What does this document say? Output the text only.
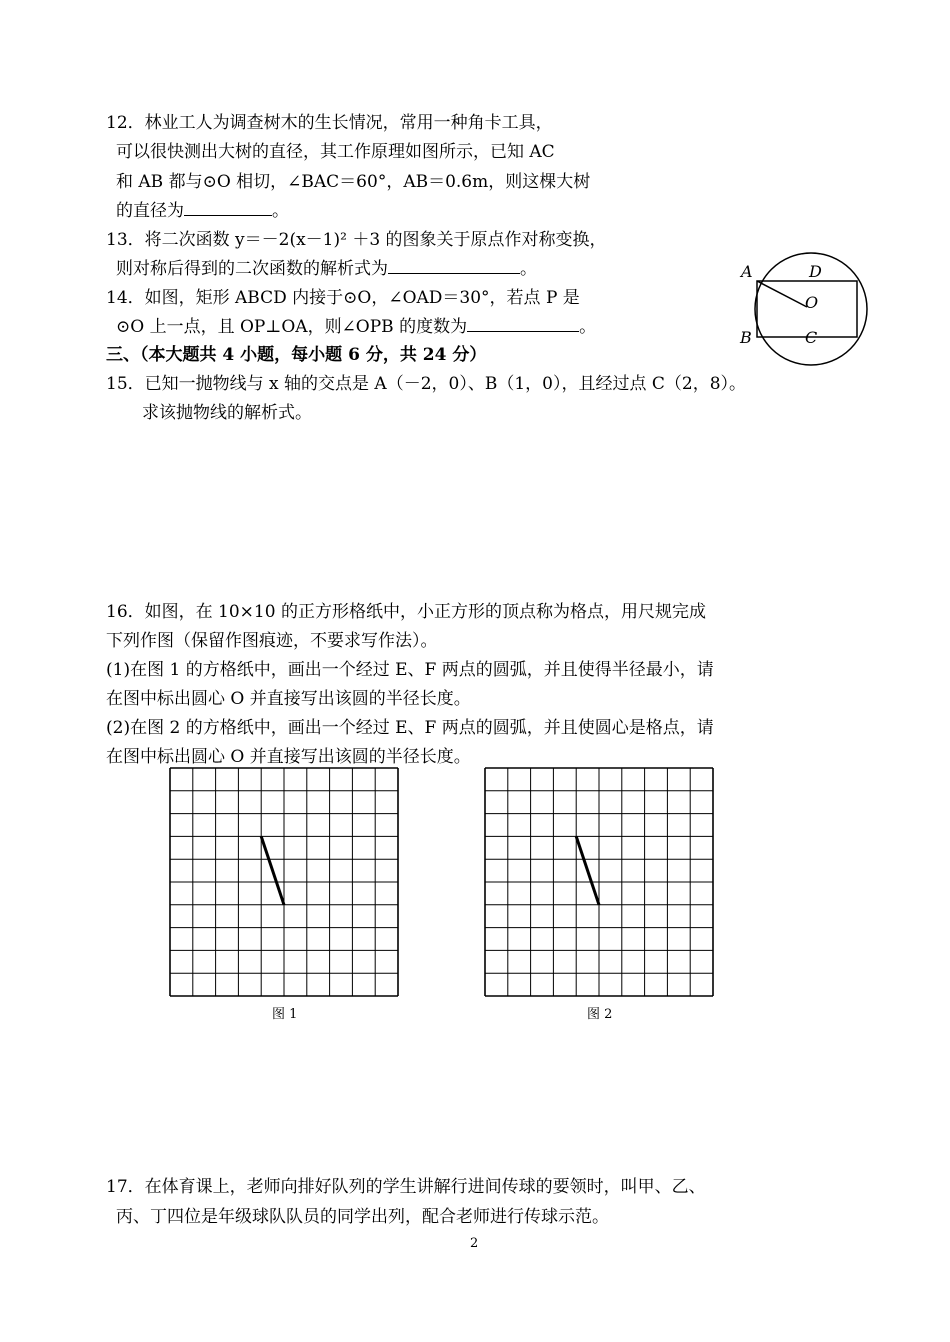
12．林业工人为调查树木的生长情况，常用一种角卡工具，
可以很快测出大树的直径，其工作原理如图所示，已知 AC
和 AB 都与⊙O 相切，∠BAC＝60°，AB＝0.6m，则这棵大树
的直径为	。
13．将二次函数 y＝－2(x－1)² ＋3 的图象关于原点作对称变换，
则对称后得到的二次函数的解析式为	。
14．如图，矩形 ABCD 内接于⊙O，∠OAD＝30°，若点 P 是
⊙O 上一点，且 OP⊥OA，则∠OPB 的度数为	。
A	D
O
B	C
三、（本大题共 4 小题，每小题 6 分，共 24 分）
15．已知一抛物线与 x 轴的交点是 A（－2，0）、B（1，0），且经过点 C（2，8）。
求该抛物线的解析式。
16．如图，在 10×10 的正方形格纸中，小正方形的顶点称为格点，用尺规完成
下列作图（保留作图痕迹，不要求写作法）。
(1)在图 1 的方格纸中，画出一个经过 E、F 两点的圆弧，并且使得半径最小，请
在图中标出圆心 O 并直接写出该圆的半径长度。
(2)在图 2 的方格纸中，画出一个经过 E、F 两点的圆弧，并且使圆心是格点，请
在图中标出圆心 O 并直接写出该圆的半径长度。
图 1	图 2
17．在体育课上，老师向排好队列的学生讲解行进间传球的要领时，叫甲、乙、
丙、丁四位是年级球队队员的同学出列，配合老师进行传球示范。
2
